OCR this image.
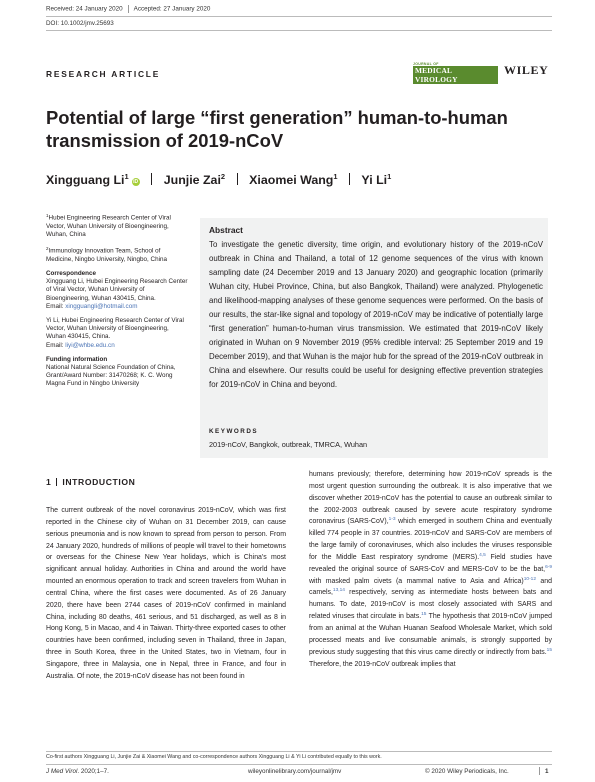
Received: 24 January 2020 Accepted: 27 January 2020
DOI: 10.1002/jmv.25693
RESEARCH ARTICLE
JOURNAL OF
MEDICAL VIROLOGY
WILEY
Potential of large “first generation” human-to-human
transmission of 2019-nCoV
Xingguang Li$^1$iD Junjie Zai$^2$ Xiaomei Wang$^1$ Yi Li$^1$

$^1$Hubei Engineering Research Center of Viral Vector, Wuhan University of Bioengineering, Wuhan, China

$^2$Immunology Innovation Team, School of Medicine, Ningbo University, Ningbo, China

Correspondence

Xingguang Li, Hubei Engineering Research Center of Viral Vector, Wuhan University of Bioengineering, Wuhan 430415, China.
Email: xingguangli@hotmail.com

Yi Li, Hubei Engineering Research Center of Viral Vector, Wuhan University of Bioengineering, Wuhan 430415, China.
Email: liyi@whbe.edu.cn

Funding information

National Natural Science Foundation of China, Grant/Award Number: 31470268; K. C. Wong Magna Fund in Ningbo University

Abstract
To investigate the genetic diversity, time origin, and evolutionary history of the 2019-nCoV outbreak in China and Thailand, a total of 12 genome sequences of the virus with known sampling date (24 December 2019 and 13 January 2020) and geographic location (primarily Wuhan city, Hubei Province, China, but also Bangkok, Thailand) were analyzed. Phylogenetic and likelihood-mapping analyses of these genome sequences were performed. On the basis of our results, the star-like signal and topology of 2019-nCoV may be indicative of potentially large “first generation” human-to-human virus transmission. We estimated that 2019-nCoV likely originated in Wuhan on 9 November 2019 (95% credible interval: 25 September 2019 and 19 December 2019), and that Wuhan is the major hub for the spread of the 2019-nCoV outbreak in China and elsewhere. Our results could be useful for designing effective prevention strategies for 2019-nCoV in China and beyond.
KEYWORDS
2019-nCoV, Bangkok, outbreak, TMRCA, Wuhan
1 INTRODUCTION
The current outbreak of the novel coronavirus 2019-nCoV, which was first reported in the Chinese city of Wuhan on 31 December 2019, can cause serious pneumonia and is now known to spread from person to person. From 24 January 2020, hundreds of millions of people will travel to their hometowns or overseas for the Chinese New Year holidays, which is China's most significant annual holiday. Authorities in China and around the world have mounted an enormous operation to track and screen travelers from Wuhan in central China, where the first cases were documented. As of 26 January 2020, there have been 2744 cases of 2019-nCoV confirmed in mainland China, including 80 deaths, 461 serious, and 51 discharged, as well as 8 in Hong Kong, 5 in Macao, and 4 in Taiwan. Thirty-three exported cases to other countries have been confirmed, including seven in Thailand, three in Japan, three in South Korea, three in the United States, two in Vietnam, four in Singapore, three in Malaysia, one in Nepal, three in France, and four in Australia. Of note, the 2019-nCoV disease has not been found in
humans previously; therefore, determining how 2019-nCoV spreads is the most urgent question surrounding the outbreak. It is also imperative that we discover whether 2019-nCoV has the potential to cause an outbreak similar to the 2002-2003 outbreak caused by severe acute respiratory syndrome coronavirus (SARS-CoV),$^{1-3}$ which emerged in southern China and eventually killed 774 people in 37 countries. 2019-nCoV and SARS-CoV are members of the large family of coronaviruses, which also includes the viruses responsible for the Middle East respiratory syndrome (MERS).$^{4,5}$ Field studies have revealed the original source of SARS-CoV and MERS-CoV to be the bat,$^{6-9}$ with masked palm civets (a mammal native to Asia and Africa)$^{10-12}$ and camels,$^{13,14}$ respectively, serving as intermediate hosts between bats and humans. To date, 2019-nCoV is most closely associated with SARS and related viruses that circulate in bats.$^{15}$ The hypothesis that 2019-nCoV jumped from an animal at the Wuhan Huanan Seafood Wholesale Market, which sold processed meats and live consumable animals, is strongly supported by previous study suggesting that this virus came directly or indirectly from bats.$^{15}$ Therefore, the 2019-nCoV outbreak implies that
Co-first authors Xingguang Li, Junjie Zai & Xiaomei Wang and co-correspondence authors Xingguang Li & Yi Li contributed equally to this work.
J Med Virol. 2020;1–7.	wileyonlinelibrary.com/journal/jmv	© 2020 Wiley Periodicals, Inc.	1
